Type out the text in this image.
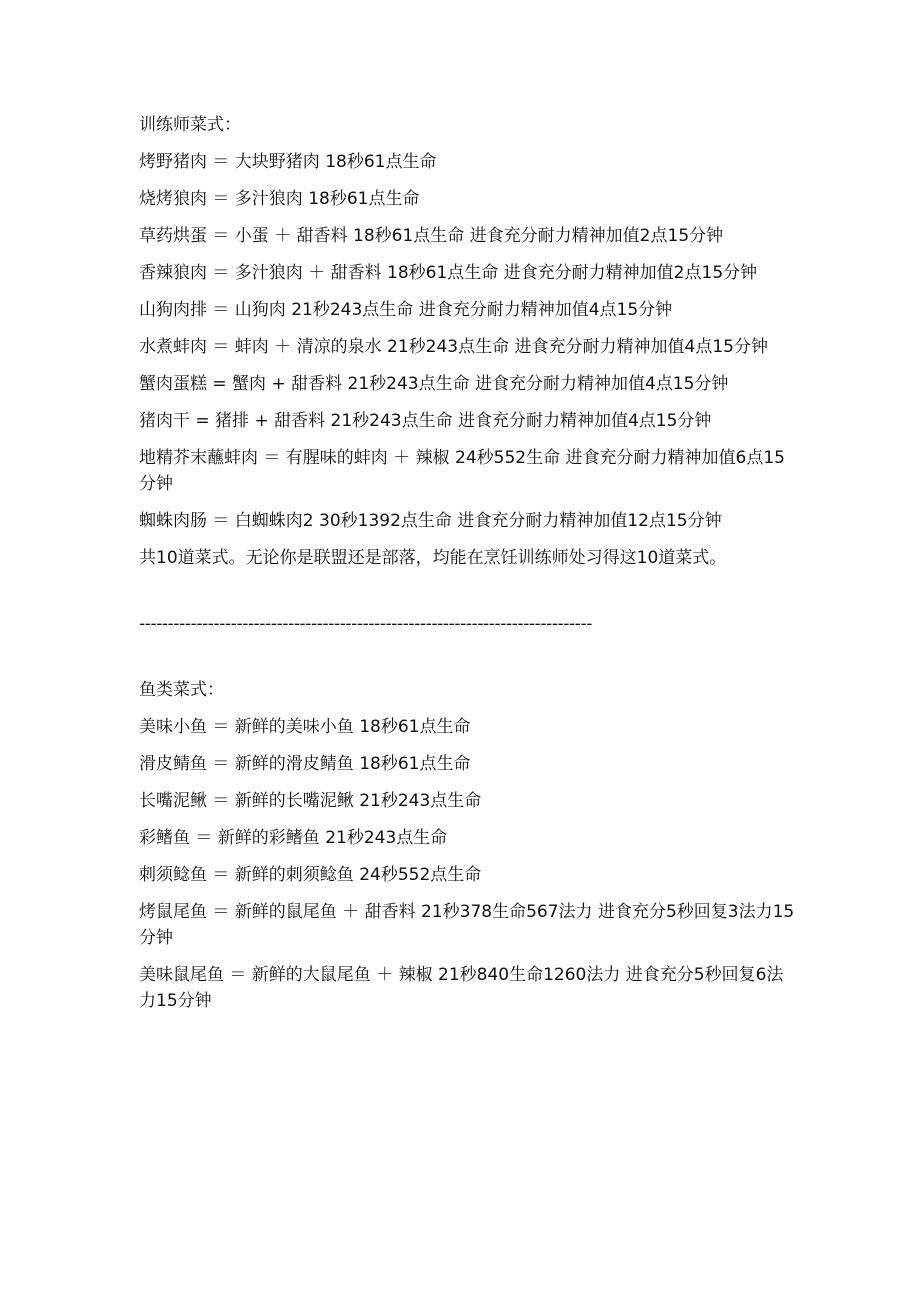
训练师菜式：
烤野猪肉 ＝ 大块野猪肉 18秒61点生命
烧烤狼肉 ＝ 多汁狼肉 18秒61点生命
草药烘蛋 ＝ 小蛋 ＋ 甜香料 18秒61点生命 进食充分耐力精神加值2点15分钟
香辣狼肉 ＝ 多汁狼肉 ＋ 甜香料 18秒61点生命 进食充分耐力精神加值2点15分钟
山狗肉排 ＝ 山狗肉 21秒243点生命 进食充分耐力精神加值4点15分钟
水煮蚌肉 ＝ 蚌肉 ＋ 清凉的泉水 21秒243点生命 进食充分耐力精神加值4点15分钟
蟹肉蛋糕 = 蟹肉 + 甜香料 21秒243点生命 进食充分耐力精神加值4点15分钟
猪肉干 = 猪排 + 甜香料 21秒243点生命 进食充分耐力精神加值4点15分钟
地精芥末蘸蚌肉 ＝ 有腥味的蚌肉 ＋ 辣椒 24秒552生命 进食充分耐力精神加值6点15分钟
蜘蛛肉肠 ＝ 白蜘蛛肉2 30秒1392点生命 进食充分耐力精神加值12点15分钟
共10道菜式。无论你是联盟还是部落，均能在烹饪训练师处习得这10道菜式。
-------------------------------------------------------------------------------
鱼类菜式：
美味小鱼 ＝ 新鲜的美味小鱼 18秒61点生命
滑皮鲭鱼 ＝ 新鲜的滑皮鲭鱼 18秒61点生命
长嘴泥鳅 ＝ 新鲜的长嘴泥鳅 21秒243点生命
彩鳍鱼 ＝ 新鲜的彩鳍鱼 21秒243点生命
刺须鲶鱼 ＝ 新鲜的刺须鲶鱼 24秒552点生命
烤鼠尾鱼 ＝ 新鲜的鼠尾鱼 ＋ 甜香料 21秒378生命567法力 进食充分5秒回复3法力15分钟
美味鼠尾鱼 ＝ 新鲜的大鼠尾鱼 ＋ 辣椒 21秒840生命1260法力 进食充分5秒回复6法力15分钟
